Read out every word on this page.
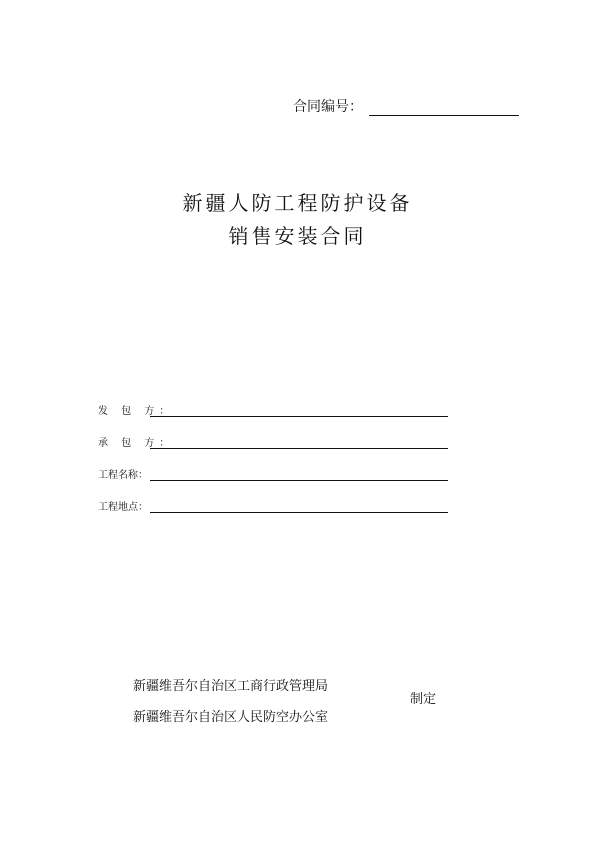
合同编号：
新疆人防工程防护设备
销售安装合同
发 包 方：
承 包 方：
工程名称：
工程地点：
新疆维吾尔自治区工商行政管理局
新疆维吾尔自治区人民防空办公室
制定
